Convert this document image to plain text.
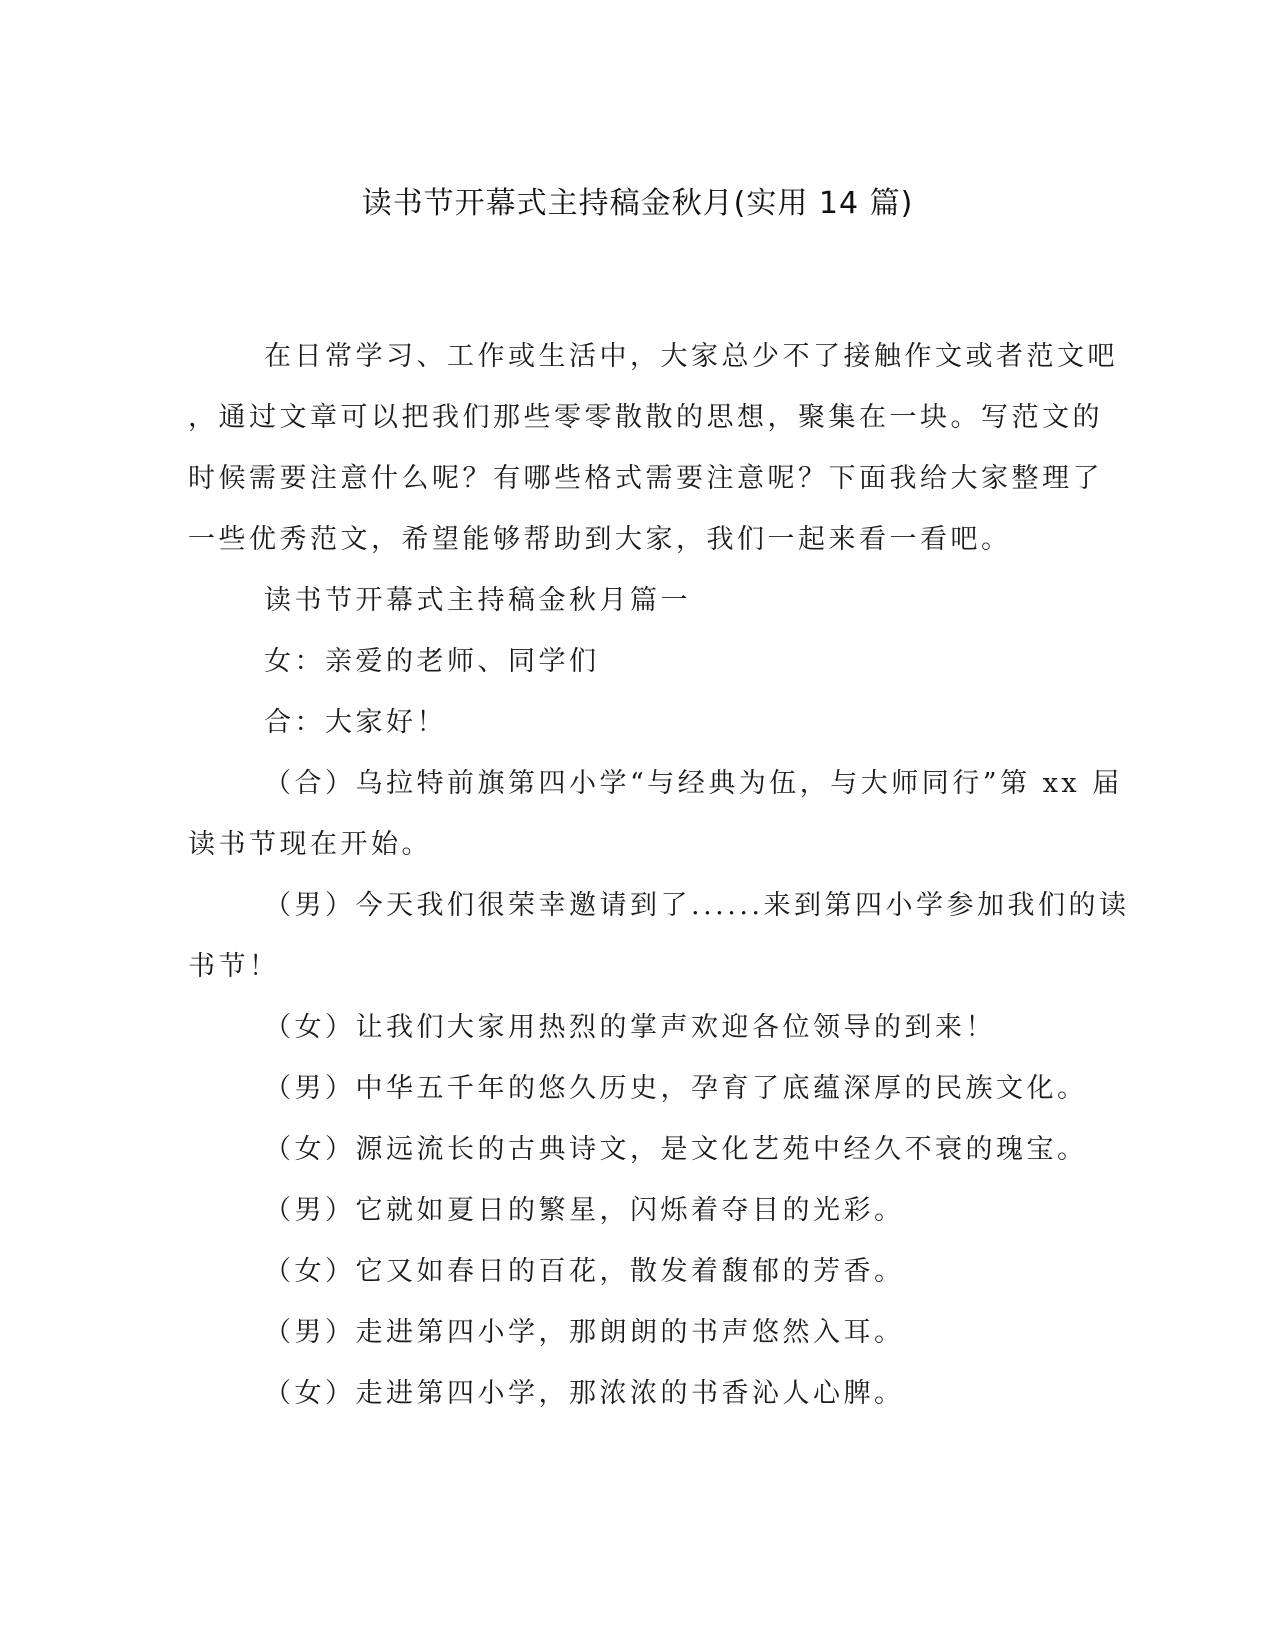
读书节开幕式主持稿金秋月(实用 14 篇)

在日常学习、工作或生活中，大家总少不了接触作文或者范文吧
，通过文章可以把我们那些零零散散的思想，聚集在一块。写范文的
时候需要注意什么呢？有哪些格式需要注意呢？下面我给大家整理了
一些优秀范文，希望能够帮助到大家，我们一起来看一看吧。

读书节开幕式主持稿金秋月篇一

女：亲爱的老师、同学们

合：大家好！

（合）乌拉特前旗第四小学“与经典为伍，与大师同行”第 xx 届
读书节现在开始。

（男）今天我们很荣幸邀请到了......来到第四小学参加我们的读
书节！

（女）让我们大家用热烈的掌声欢迎各位领导的到来！

（男）中华五千年的悠久历史，孕育了底蕴深厚的民族文化。

（女）源远流长的古典诗文，是文化艺苑中经久不衰的瑰宝。

（男）它就如夏日的繁星，闪烁着夺目的光彩。

（女）它又如春日的百花，散发着馥郁的芳香。

（男）走进第四小学，那朗朗的书声悠然入耳。

（女）走进第四小学，那浓浓的书香沁人心脾。
